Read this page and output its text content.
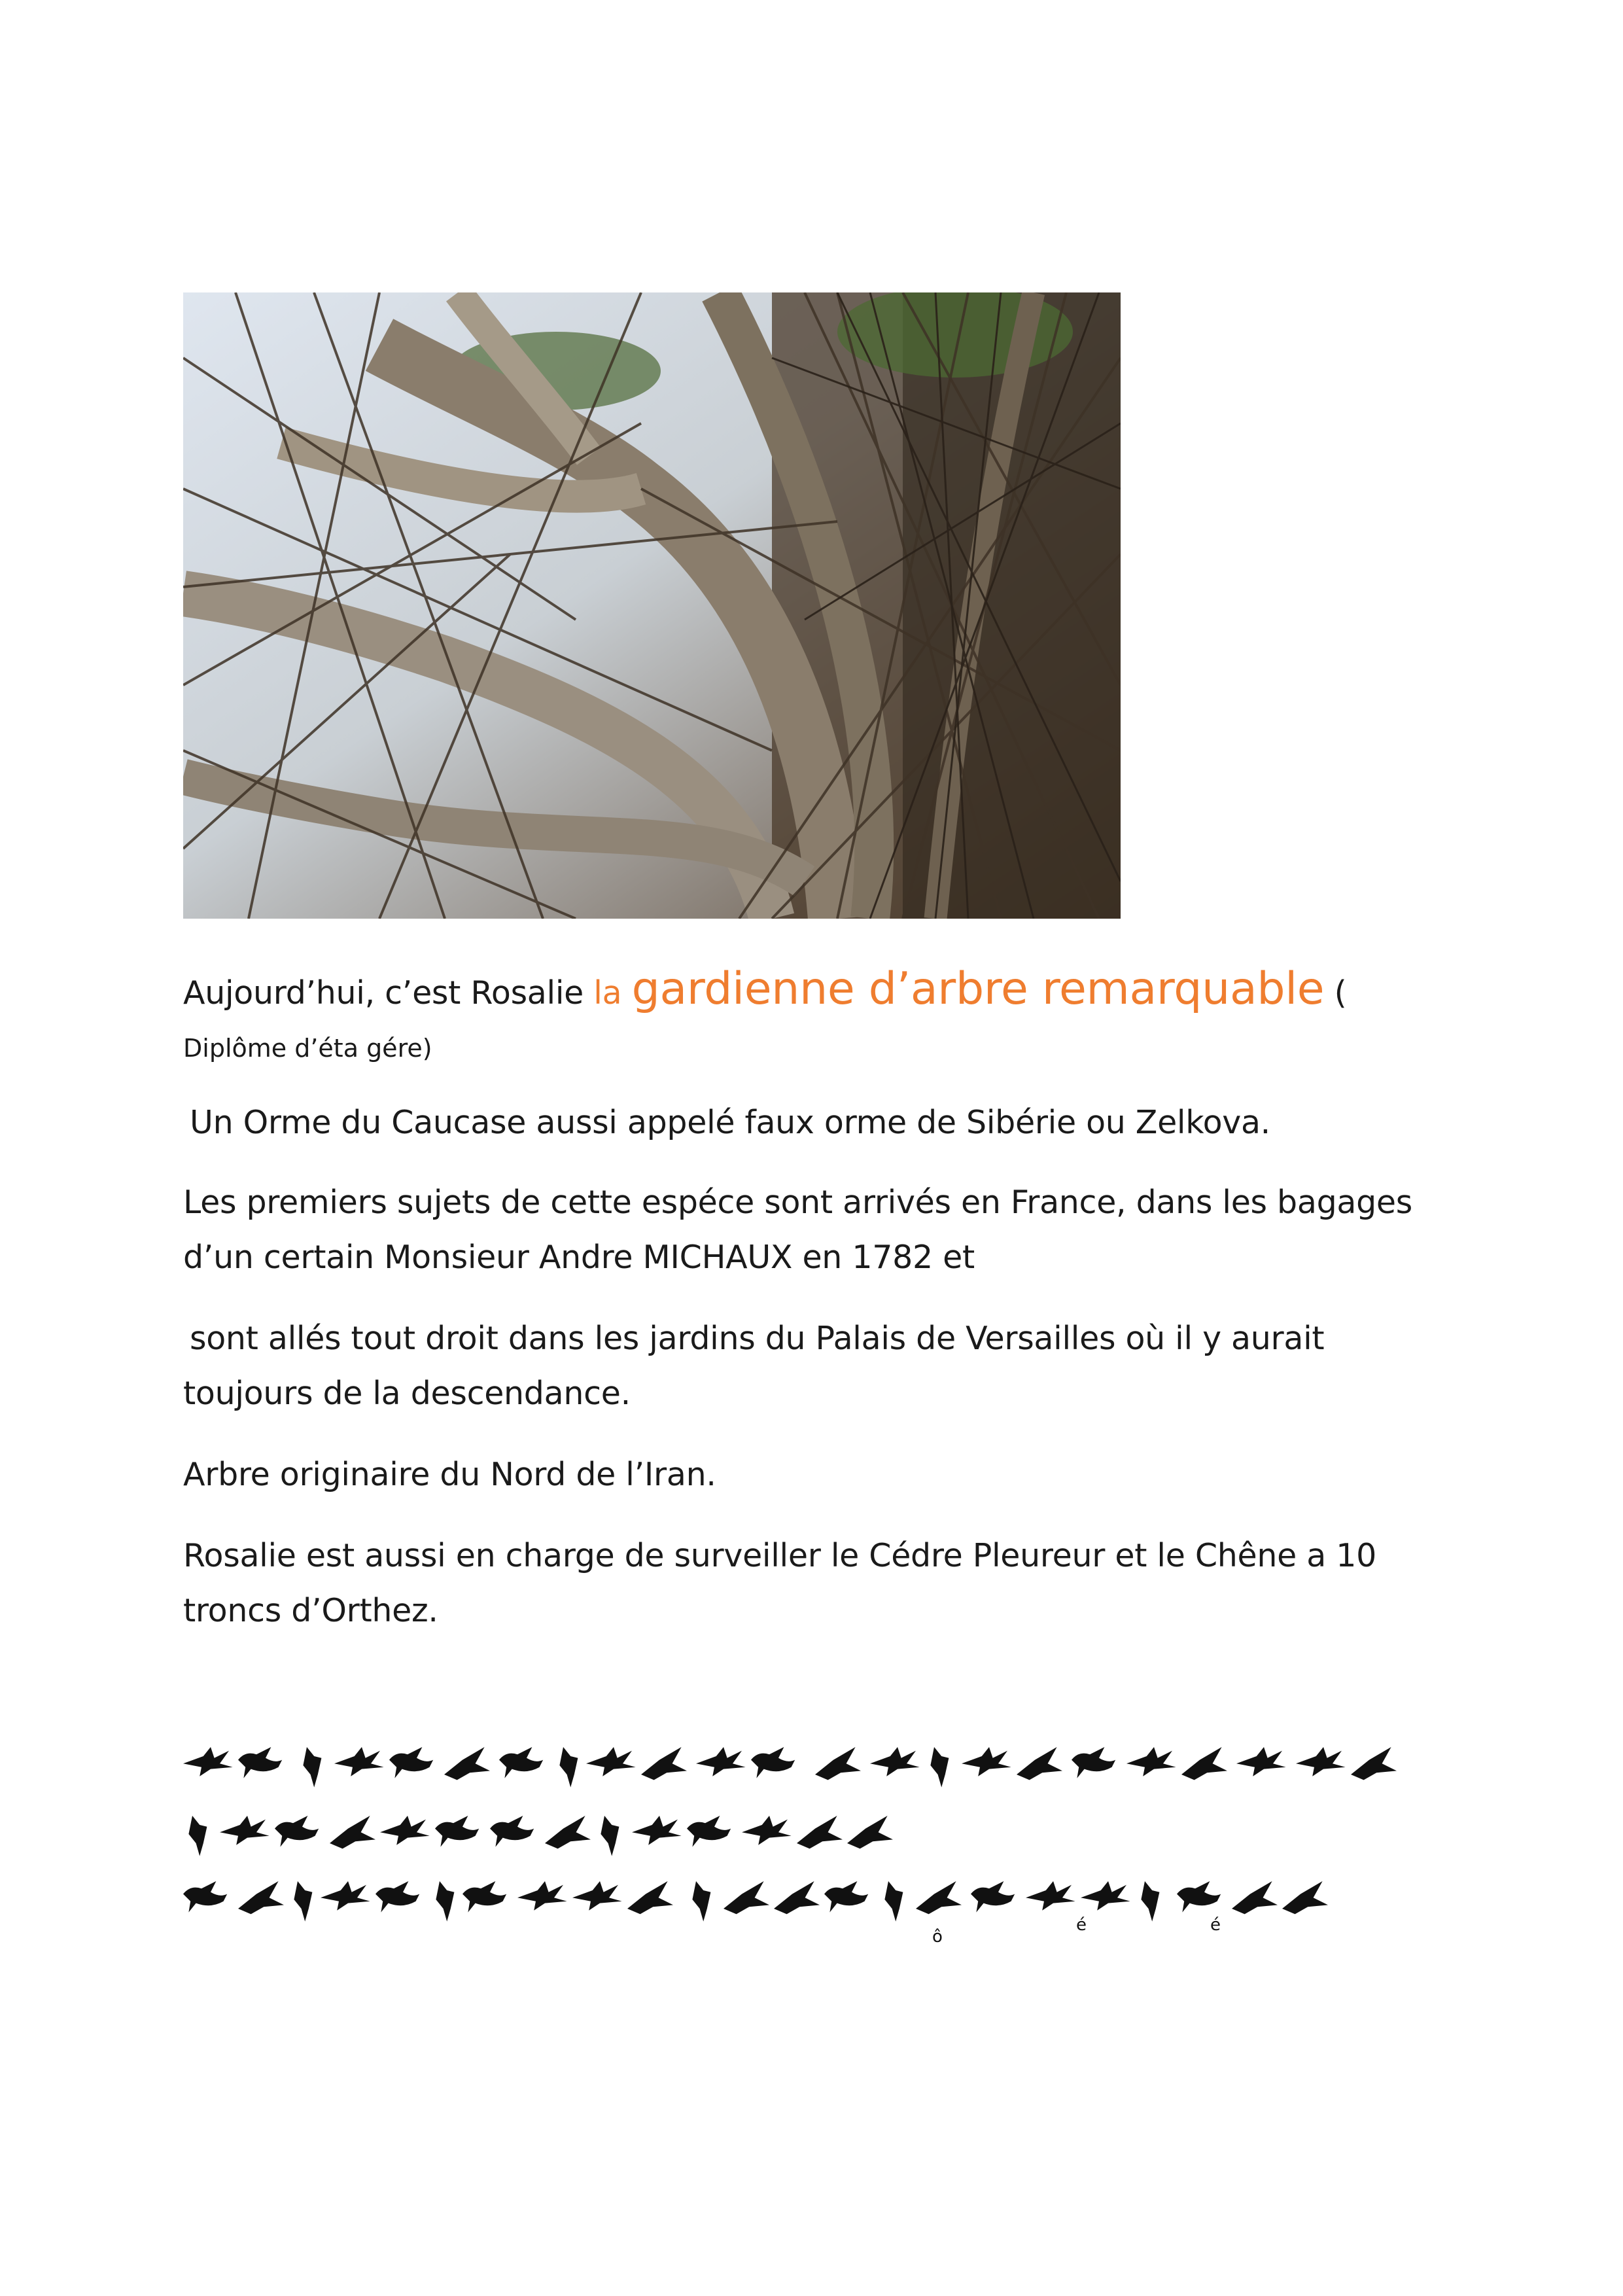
Aujourd’hui, c’est Rosalie la gardienne d’arbre remarquable (
Diplôme d’éta gére)
Un Orme du Caucase aussi appelé faux orme de Sibérie ou Zelkova.
Les premiers sujets de cette espéce sont arrivés en France, dans les bagages
d’un certain Monsieur Andre MICHAUX en 1782 et
sont allés tout droit dans les jardins du Palais de Versailles où il y aurait
toujours de la descendance.
Arbre originaire du Nord de l’Iran.
Rosalie est aussi en charge de surveiller le Cédre Pleureur et le Chêne a 10
troncs d’Orthez.
ô
é	é
